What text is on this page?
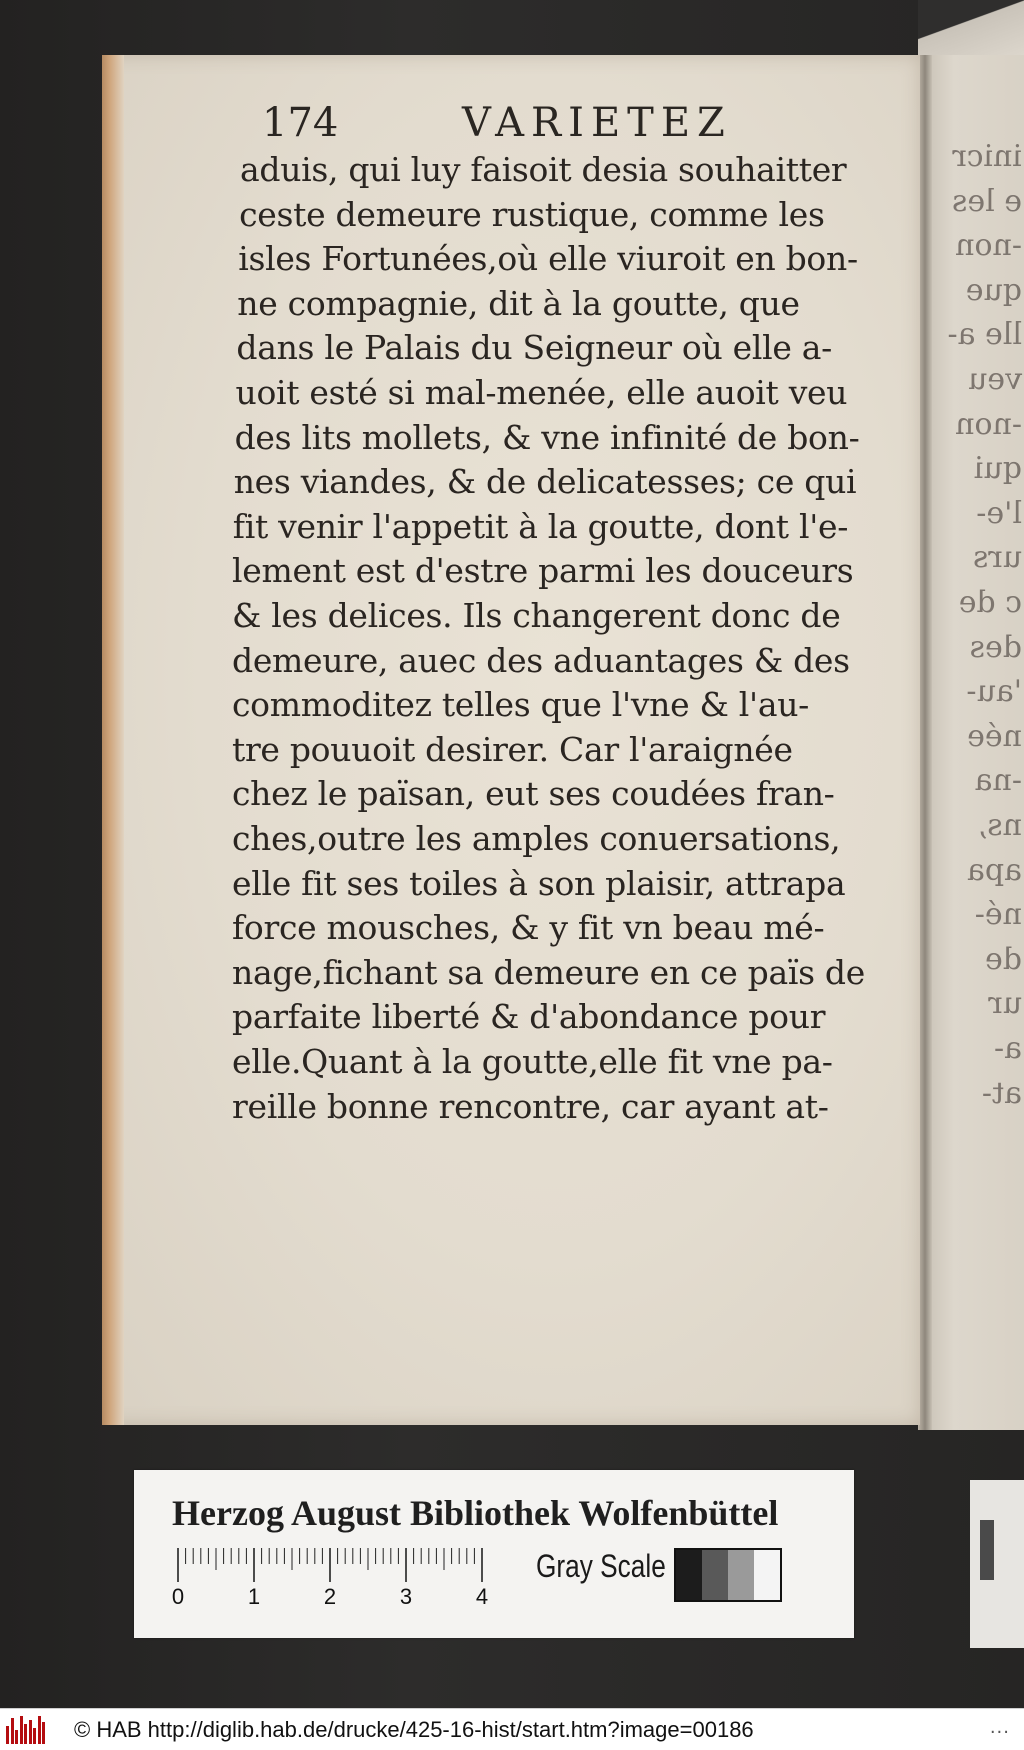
inicr
e les
-non
que
lle a-
veu
-non
qui
l'e-
urs
c de
des
'au-
née
-na
ns,
apa
né-
de
ur
a-
at-
174	VARIETEZ
aduis, qui luy faisoit desia souhaitter
ceste demeure rustique, comme les
isles Fortunées,où elle viuroit en bon-
ne compagnie, dit à la goutte, que
dans le Palais du Seigneur où elle a-
uoit esté si mal-menée, elle auoit veu
des lits mollets, & vne infinité de bon-
nes viandes, & de delicatesses; ce qui
fit venir l'appetit à la goutte, dont l'e-
lement est d'estre parmi les douceurs
& les delices. Ils changerent donc de
demeure, auec des aduantages & des
commoditez telles que l'vne & l'au-
tre pouuoit desirer. Car l'araignée
chez le païsan, eut ses coudées fran-
ches,outre les amples conuersations,
elle fit ses toiles à son plaisir, attrapa
force mousches, & y fit vn beau mé-
nage,fichant sa demeure en ce païs de
parfaite liberté & d'abondance pour
elle.Quant à la goutte,elle fit vne pa-
reille bonne rencontre, car ayant at-
Herzog August Bibliothek Wolfenbüttel
0	1	2	3	4
Gray Scale
© HAB http://diglib.hab.de/drucke/425-16-hist/start.htm?image=00186	...
